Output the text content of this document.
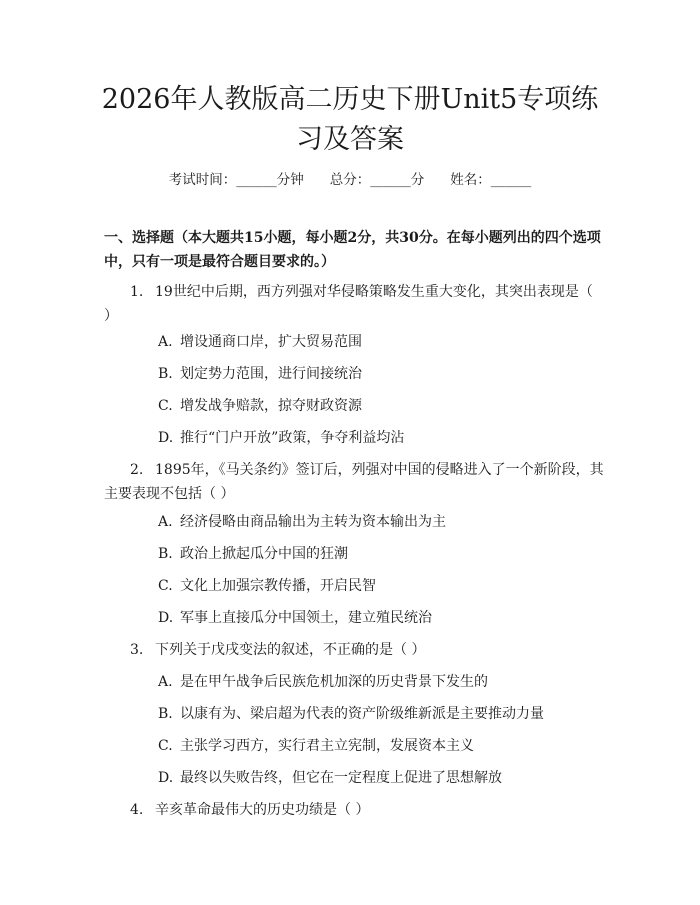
2026年人教版高二历史下册Unit5专项练习及答案
考试时间：______分钟 总分：______分 姓名：______

一、选择题（本大题共15小题，每小题2分，共30分。在每小题列出的四个选项中，只有一项是最符合题目要求的。）

1. 19世纪中后期，西方列强对华侵略策略发生重大变化，其突出表现是（ ）

A. 增设通商口岸，扩大贸易范围
B. 划定势力范围，进行间接统治
C. 增发战争赔款，掠夺财政资源
D. 推行“门户开放”政策，争夺利益均沾

2. 1895年，《马关条约》签订后，列强对中国的侵略进入了一个新阶段，其主要表现不包括（ ）

A. 经济侵略由商品输出为主转为资本输出为主
B. 政治上掀起瓜分中国的狂潮
C. 文化上加强宗教传播，开启民智
D. 军事上直接瓜分中国领土，建立殖民统治

3. 下列关于戊戌变法的叙述，不正确的是（ ）

A. 是在甲午战争后民族危机加深的历史背景下发生的
B. 以康有为、梁启超为代表的资产阶级维新派是主要推动力量
C. 主张学习西方，实行君主立宪制，发展资本主义
D. 最终以失败告终，但它在一定程度上促进了思想解放

4. 辛亥革命最伟大的历史功绩是（ ）
